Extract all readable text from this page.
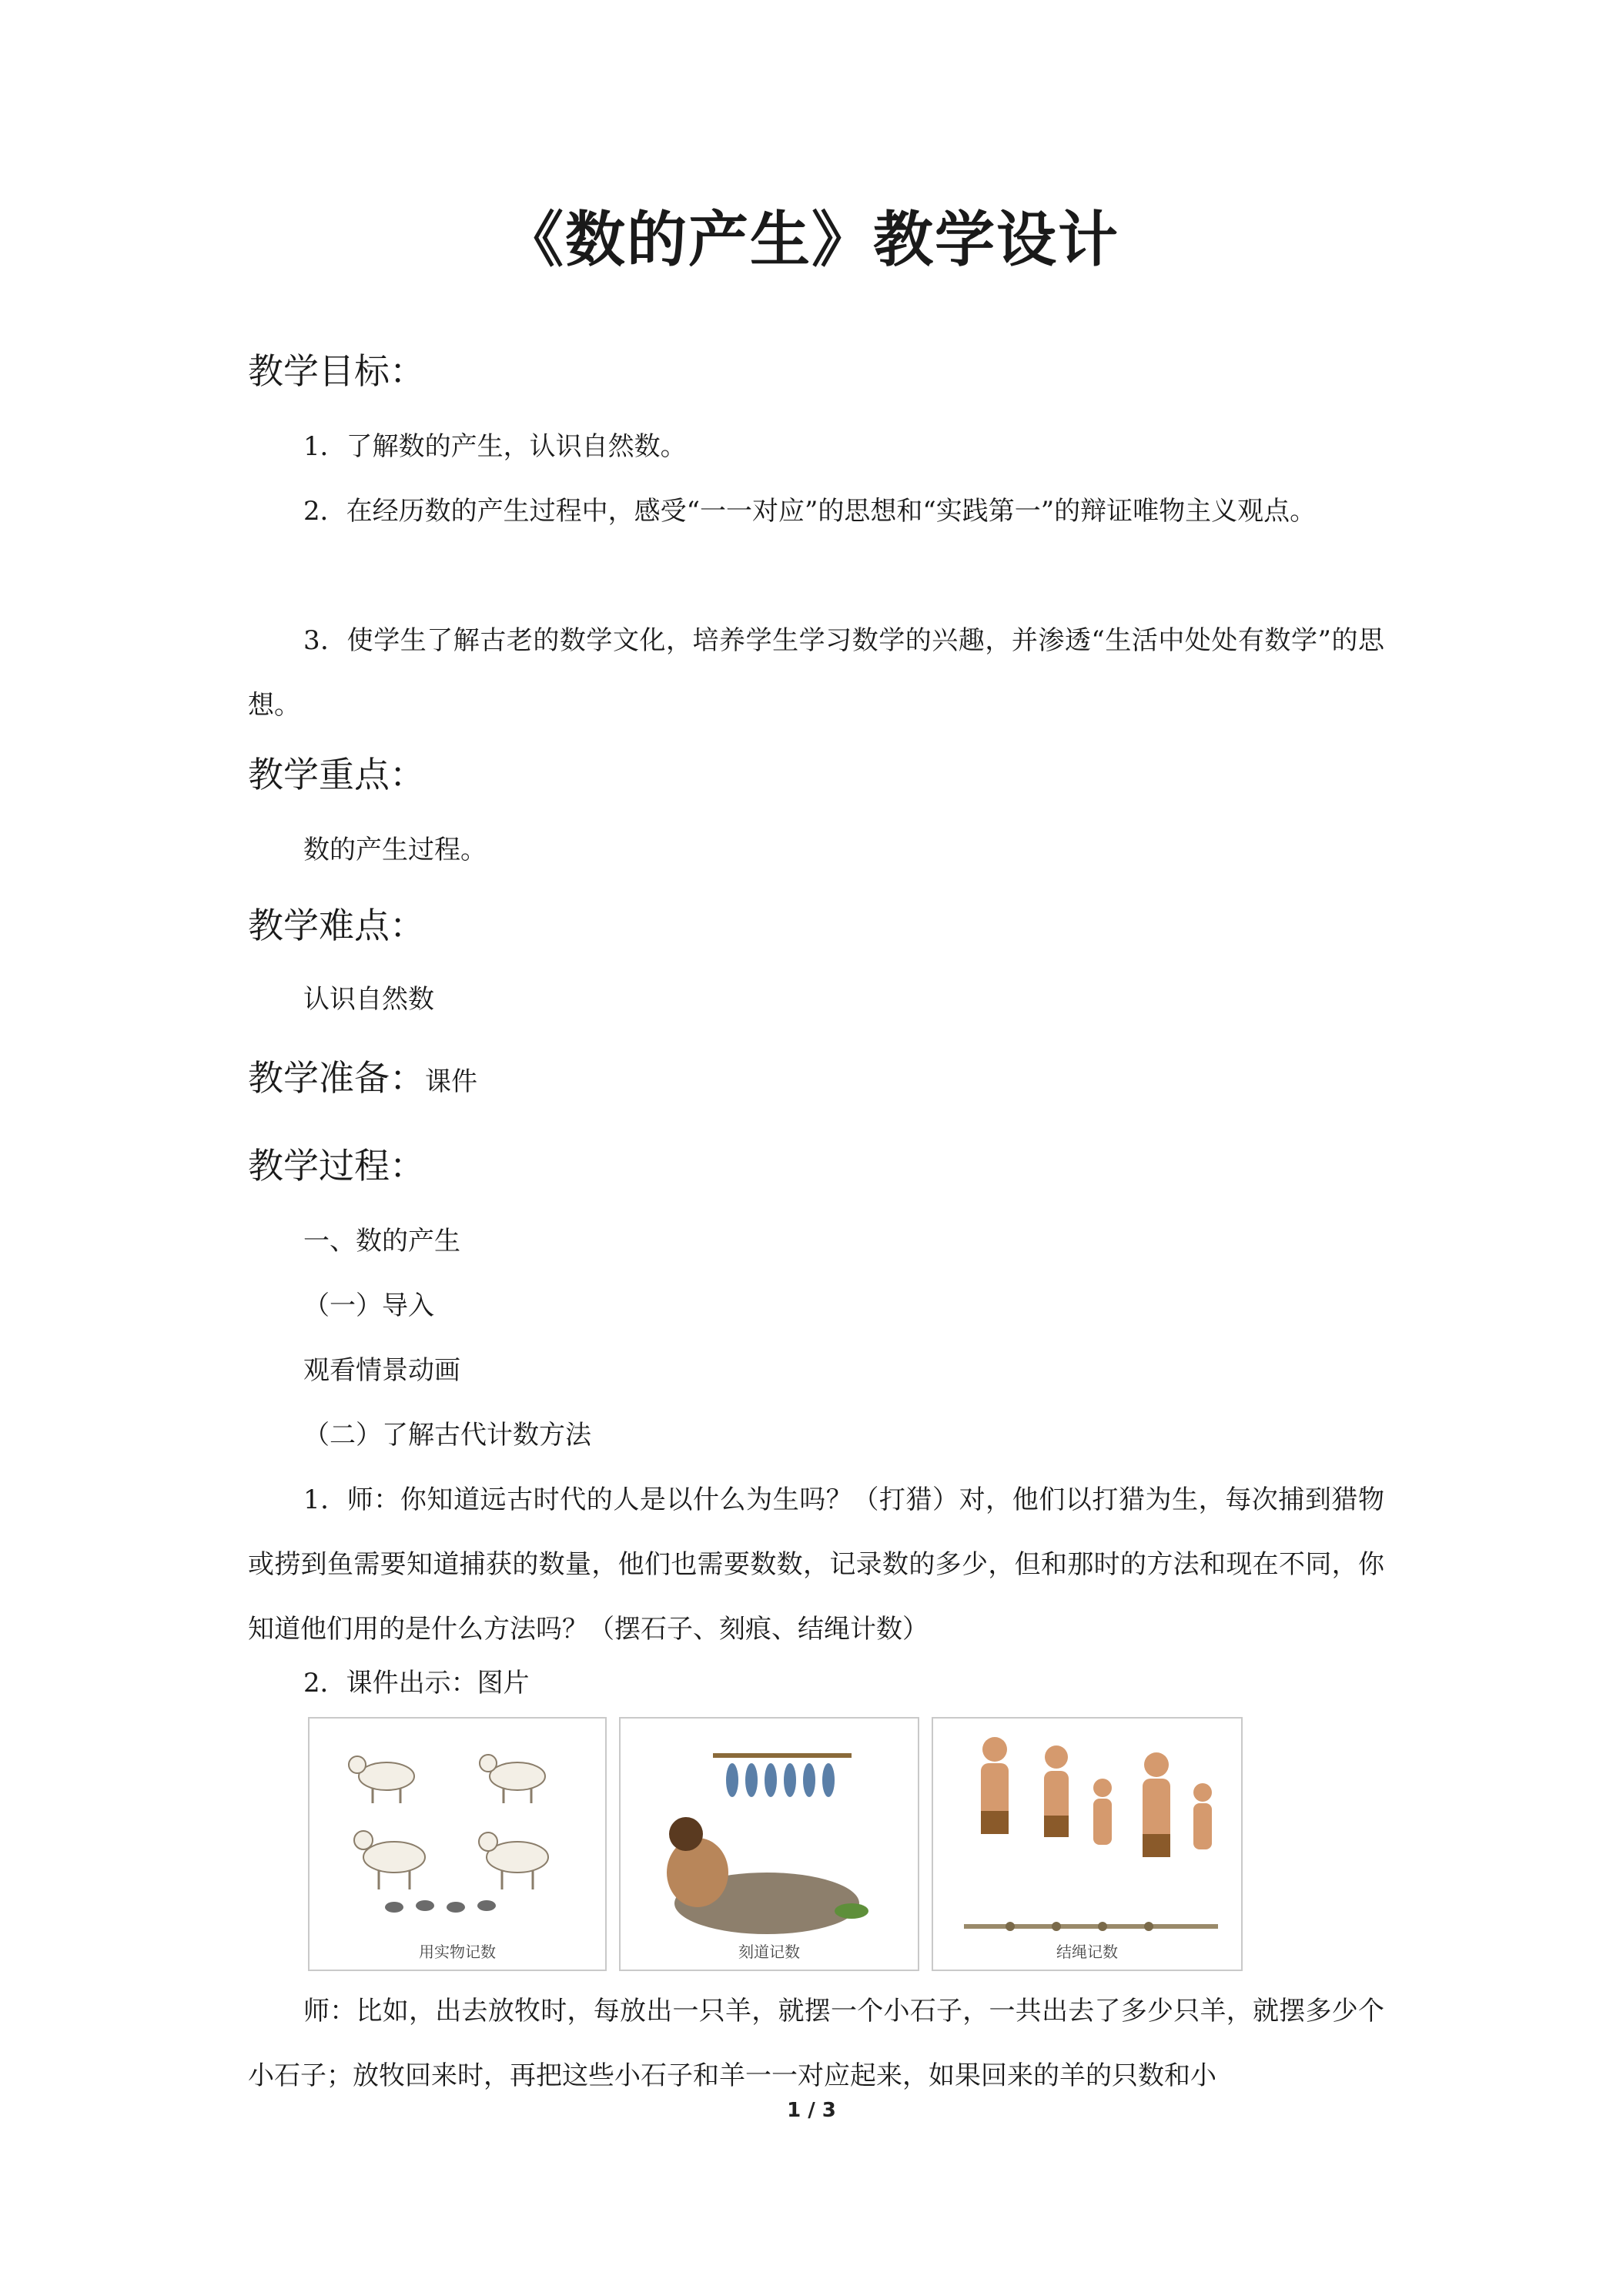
《数的产生》教学设计
教学目标：

1．了解数的产生，认识自然数。

2．在经历数的产生过程中，感受“一一对应”的思想和“实践第一”的辩证唯物主义观点。

3．使学生了解古老的数学文化，培养学生学习数学的兴趣，并渗透“生活中处处有数学”的思想。

教学重点：

数的产生过程。

教学难点：

认识自然数

教学准备：课件
教学过程：

一、数的产生

（一）导入

观看情景动画

（二）了解古代计数方法

1．师：你知道远古时代的人是以什么为生吗？（打猎）对，他们以打猎为生，每次捕到猎物或捞到鱼需要知道捕获的数量，他们也需要数数，记录数的多少，但和那时的方法和现在不同，你知道他们用的是什么方法吗？（摆石子、刻痕、结绳计数）

2．课件出示：图片

用实物记数	刻道记数	结绳记数

师：比如，出去放牧时，每放出一只羊，就摆一个小石子，一共出去了多少只羊，就摆多少个小石子；放牧回来时，再把这些小石子和羊一一对应起来，如果回来的羊的只数和小

1 / 3
